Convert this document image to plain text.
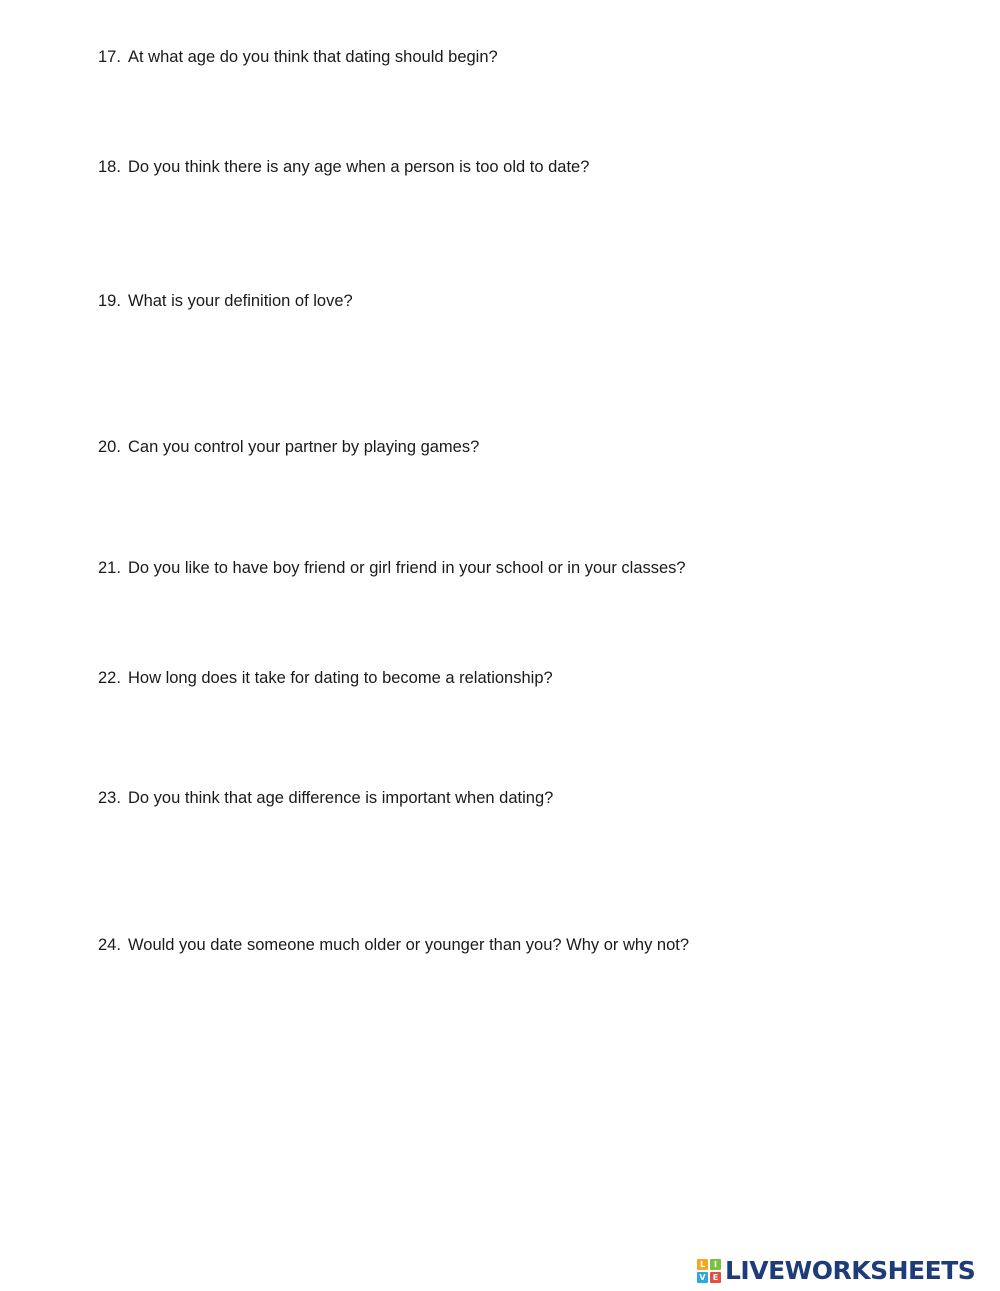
17. At what age do you think that dating should begin?
18. Do you think there is any age when a person is too old to date?
19. What is your definition of love?
20. Can you control your partner by playing games?
21. Do you like to have boy friend or girl friend in your school or in your classes?
22. How long does it take for dating to become a relationship?
23. Do you think that age difference is important when dating?
24. Would you date someone much older or younger than you? Why or why not?
L	I
V E LIVEWORKSHEETS
